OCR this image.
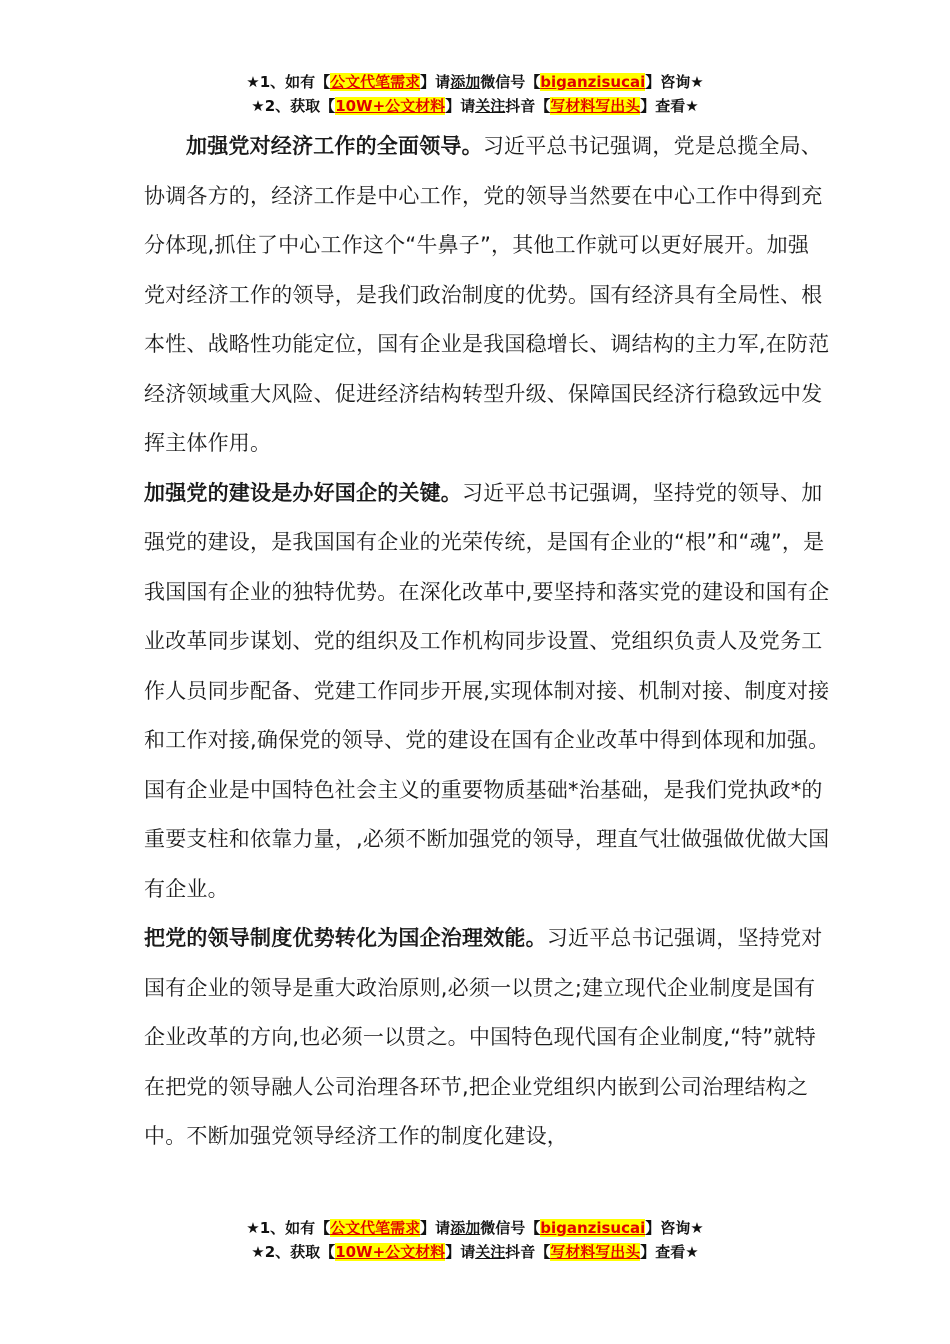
★1、如有【公文代笔需求】请添加微信号【biganzisucai】咨询★
★2、获取【10W+公文材料】请关注抖音【写材料写出头】查看★

加强党对经济工作的全面领导。习近平总书记强调，党是总揽全局、协调各方的，经济工作是中心工作，党的领导当然要在中心工作中得到充分体现,抓住了中心工作这个“牛鼻子”，其他工作就可以更好展开。加强党对经济工作的领导，是我们政治制度的优势。国有经济具有全局性、根本性、战略性功能定位，国有企业是我国稳增长、调结构的主力军,在防范经济领域重大风险、促进经济结构转型升级、保障国民经济行稳致远中发挥主体作用。

加强党的建设是办好国企的关键。习近平总书记强调，坚持党的领导、加强党的建设，是我国国有企业的光荣传统，是国有企业的“根”和“魂”，是我国国有企业的独特优势。在深化改革中,要坚持和落实党的建设和国有企业改革同步谋划、党的组织及工作机构同步设置、党组织负责人及党务工作人员同步配备、党建工作同步开展,实现体制对接、机制对接、制度对接和工作对接,确保党的领导、党的建设在国有企业改革中得到体现和加强。国有企业是中国特色社会主义的重要物质基础*治基础，是我们党执政*的重要支柱和依靠力量，,必须不断加强党的领导，理直气壮做强做优做大国有企业。

把党的领导制度优势转化为国企治理效能。习近平总书记强调，坚持党对国有企业的领导是重大政治原则,必须一以贯之;建立现代企业制度是国有企业改革的方向,也必须一以贯之。中国特色现代国有企业制度,“特”就特在把党的领导融人公司治理各环节,把企业党组织内嵌到公司治理结构之中。不断加强党领导经济工作的制度化建设，

★1、如有【公文代笔需求】请添加微信号【biganzisucai】咨询★
★2、获取【10W+公文材料】请关注抖音【写材料写出头】查看★
